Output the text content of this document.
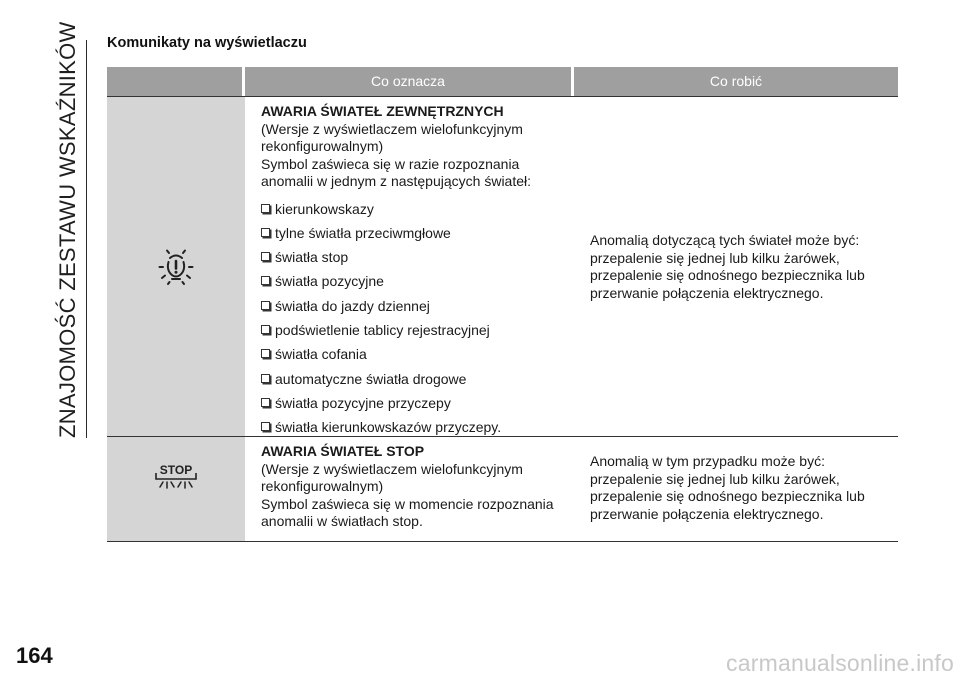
ZNAJOMOŚĆ ZESTAWU WSKAŹNIKÓW Komunikaty na wyświetlaczu
Co oznacza	Co robić
AWARIA ŚWIATEŁ ZEWNĘTRZNYCH
(Wersje z wyświetlaczem wielofunkcyjnym rekonfigurowalnym)
Symbol zaświeca się w razie rozpoznania anomalii w jednym z następujących świateł:
kierunkowskazy
tylne światła przeciwmgłowe
światła stop
światła pozycyjne
światła do jazdy dziennej
podświetlenie tablicy rejestracyjnej
światła cofania
automatyczne światła drogowe
światła pozycyjne przyczepy
światła kierunkowskazów przyczepy.
Anomalią dotyczącą tych świateł może być: przepalenie się jednej lub kilku żarówek, przepalenie się odnośnego bezpiecznika lub przerwanie połączenia elektrycznego.
STOP
AWARIA ŚWIATEŁ STOP
(Wersje z wyświetlaczem wielofunkcyjnym rekonfigurowalnym)
Symbol zaświeca się w momencie rozpoznania anomalii w światłach stop.
Anomalią w tym przypadku może być: przepalenie się jednej lub kilku żarówek, przepalenie się odnośnego bezpiecznika lub przerwanie połączenia elektrycznego.
164	carmanualsonline.info
